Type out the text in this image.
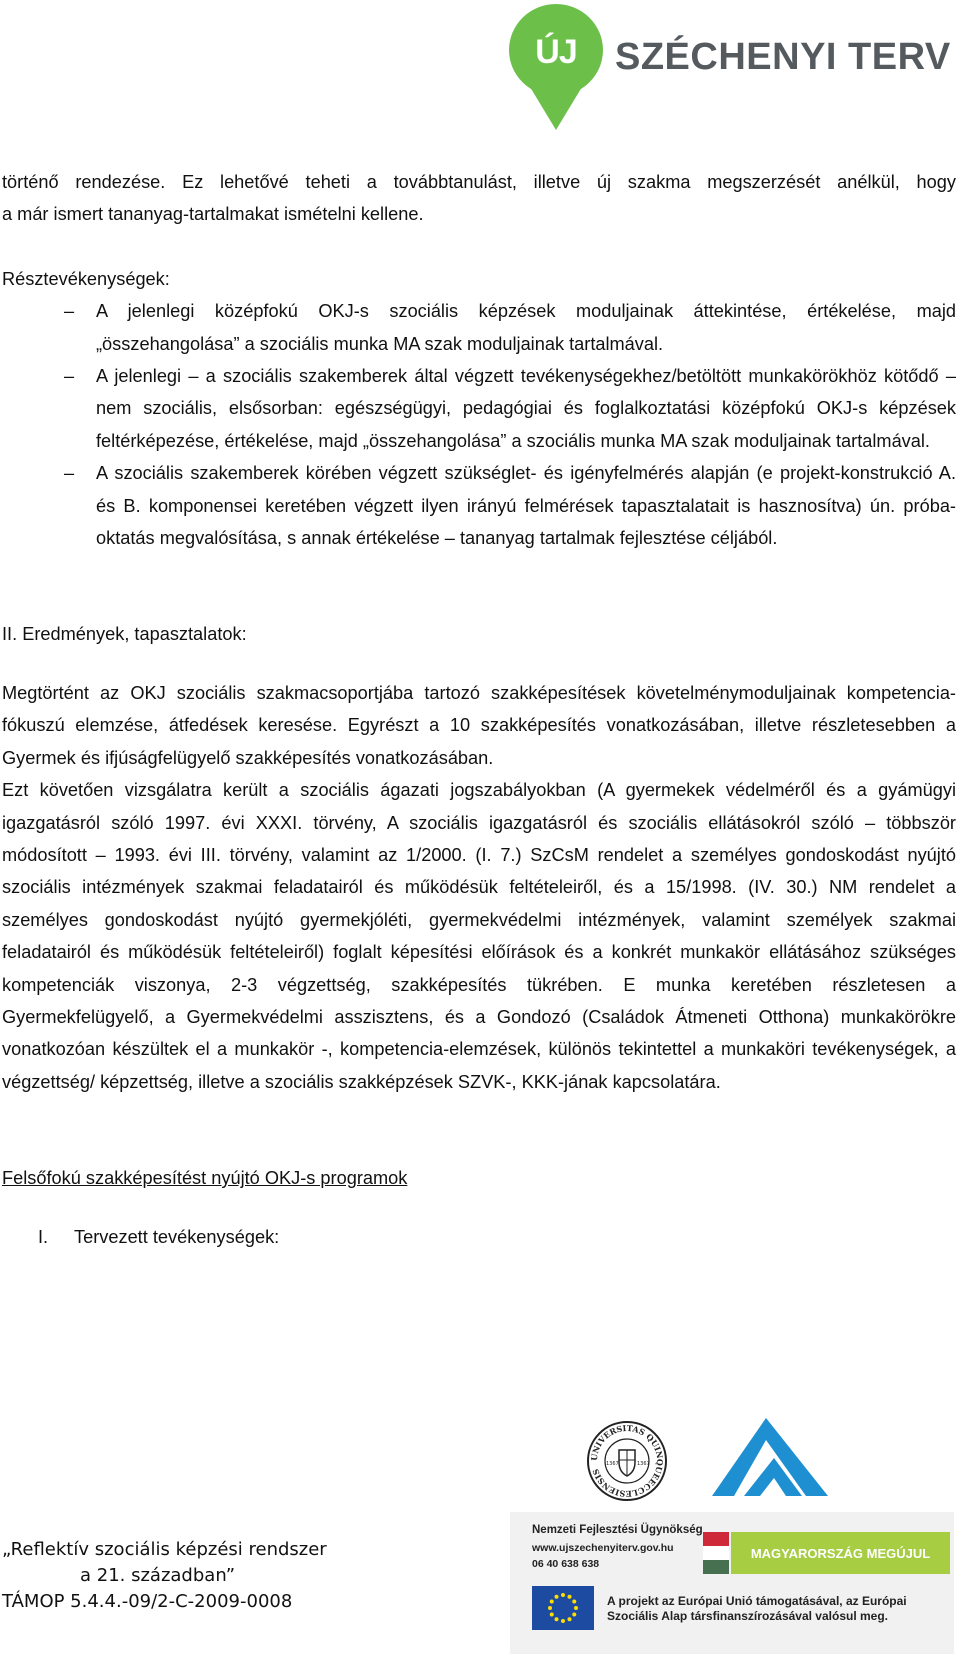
ÚJ SZÉCHENYI TERV

történő rendezése. Ez lehetővé teheti a továbbtanulást, illetve új szakma megszerzését anélkül, hogy

a már ismert tananyag-tartalmakat ismételni kellene.

Résztevékenységek:

–	A jelenlegi középfokú OKJ-s szociális képzések moduljainak áttekintése, értékelése, majd „összehangolása” a szociális munka MA szak moduljainak tartalmával.
–	A jelenlegi – a szociális szakemberek által végzett tevékenységekhez/betöltött munkakörökhöz kötődő – nem szociális, elsősorban: egészségügyi, pedagógiai és foglalkoztatási középfokú OKJ-s képzések feltérképezése, értékelése, majd „összehangolása” a szociális munka MA szak moduljainak tartalmával.
–	A szociális szakemberek körében végzett szükséglet- és igényfelmérés alapján (e projekt-konstrukció A. és B. komponensei keretében végzett ilyen irányú felmérések tapasztalatait is hasznosítva) ún. próba-oktatás megvalósítása, s annak értékelése – tananyag tartalmak fejlesztése céljából.

II. Eredmények, tapasztalatok:

Megtörtént az OKJ szociális szakmacsoportjába tartozó szakképesítések követelménymoduljainak kompetencia-fókuszú elemzése, átfedések keresése. Egyrészt a 10 szakképesítés vonatkozásában, illetve részletesebben a Gyermek és ifjúságfelügyelő szakképesítés vonatkozásában.

Ezt követően vizsgálatra került a szociális ágazati jogszabályokban (A gyermekek védelméről és a gyámügyi igazgatásról szóló 1997. évi XXXI. törvény, A szociális igazgatásról és szociális ellátásokról szóló – többször módosított – 1993. évi III. törvény, valamint az 1/2000. (I. 7.) SzCsM rendelet a személyes gondoskodást nyújtó szociális intézmények szakmai feladatairól és működésük feltételeiről, és a 15/1998. (IV. 30.) NM rendelet a személyes gondoskodást nyújtó gyermekjóléti, gyermekvédelmi intézmények, valamint személyek szakmai feladatairól és működésük feltételeiről) foglalt képesítési előírások és a konkrét munkakör ellátásához szükséges kompetenciák viszonya, 2-3 végzettség, szakképesítés tükrében. E munka keretében részletesen a Gyermekfelügyelő, a Gyermekvédelmi asszisztens, és a Gondozó (Családok Átmeneti Otthona) munkakörökre vonatkozóan készültek el a munkakör -, kompetencia-elemzések, különös tekintettel a munkaköri tevékenységek, a végzettség/ képzettség, illetve a szociális szakképzések SZVK-, KKK-jának kapcsolatára.

Felsőfokú szakképesítést nyújtó OKJ-s programok

I. Tervezett tevékenységek:
UNIVERSITAS QUINQUEECCLESIENSIS
1367	1367
„Reflektív szociális képzési rendszer
a 21. században”
TÁMOP 5.4.4.-09/2-C-2009-0008
Nemzeti Fejlesztési Ügynökség
www.ujszechenyiterv.gov.hu
06 40 638 638
MAGYARORSZÁG MEGÚJUL
A projekt az Európai Unió támogatásával, az Európai Szociális Alap társfinanszírozásával valósul meg.
